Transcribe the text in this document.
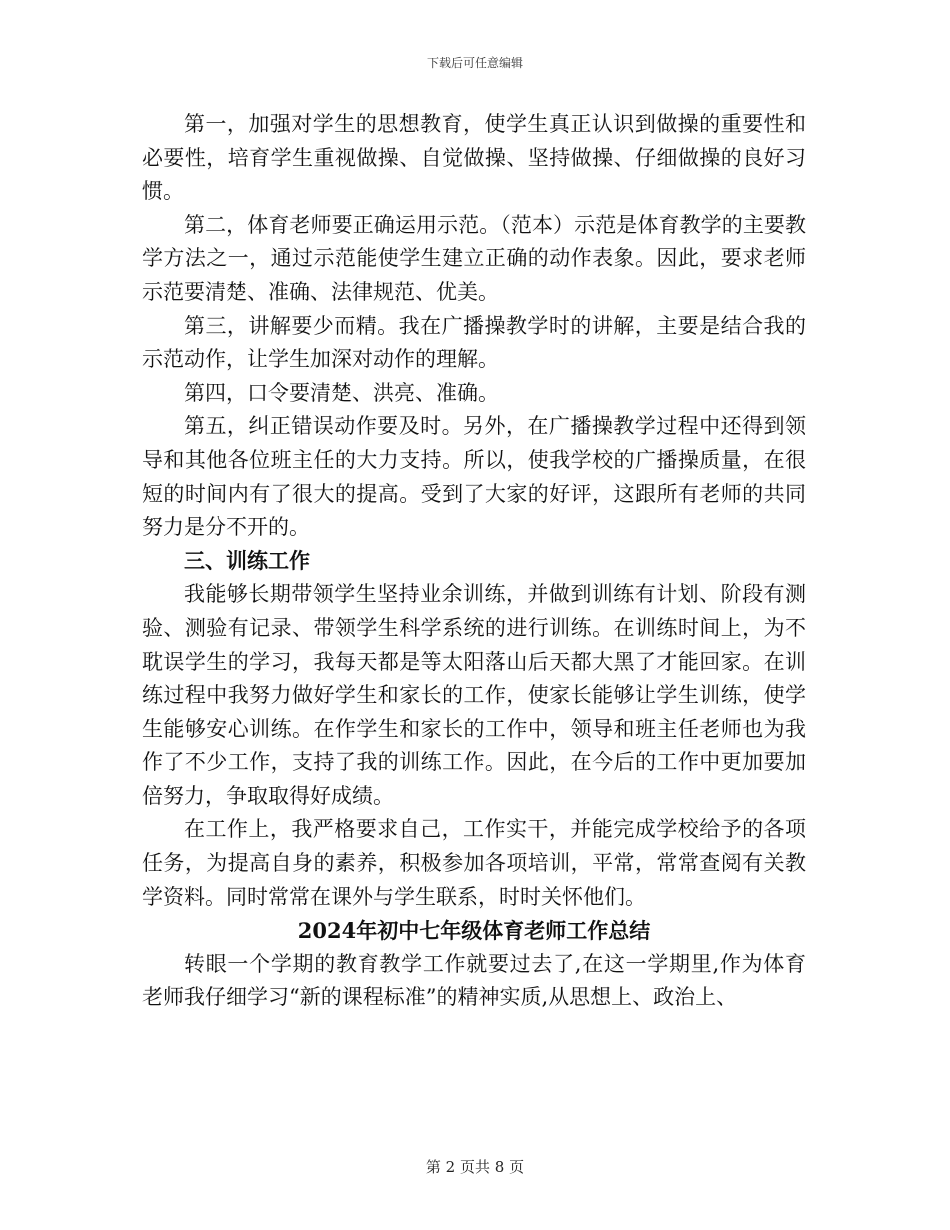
下载后可任意编辑

第一，加强对学生的思想教育，使学生真正认识到做操的重要性和必要性，培育学生重视做操、自觉做操、坚持做操、仔细做操的良好习惯。

第二，体育老师要正确运用示范。（范本）示范是体育教学的主要教学方法之一，通过示范能使学生建立正确的动作表象。因此，要求老师示范要清楚、准确、法律规范、优美。

第三，讲解要少而精。我在广播操教学时的讲解，主要是结合我的示范动作，让学生加深对动作的理解。

第四，口令要清楚、洪亮、准确。

第五，纠正错误动作要及时。另外，在广播操教学过程中还得到领导和其他各位班主任的大力支持。所以，使我学校的广播操质量，在很短的时间内有了很大的提高。受到了大家的好评，这跟所有老师的共同努力是分不开的。

三、训练工作

我能够长期带领学生坚持业余训练，并做到训练有计划、阶段有测验、测验有记录、带领学生科学系统的进行训练。在训练时间上，为不耽误学生的学习，我每天都是等太阳落山后天都大黑了才能回家。在训练过程中我努力做好学生和家长的工作，使家长能够让学生训练，使学生能够安心训练。在作学生和家长的工作中，领导和班主任老师也为我作了不少工作，支持了我的训练工作。因此，在今后的工作中更加要加倍努力，争取取得好成绩。

在工作上，我严格要求自己，工作实干，并能完成学校给予的各项任务，为提高自身的素养，积极参加各项培训，平常，常常查阅有关教学资料。同时常常在课外与学生联系，时时关怀他们。

2024年初中七年级体育老师工作总结

转眼一个学期的教育教学工作就要过去了,在这一学期里,作为体育老师我仔细学习“新的课程标准”的精神实质,从思想上、政治上、

第 2 页共 8 页
